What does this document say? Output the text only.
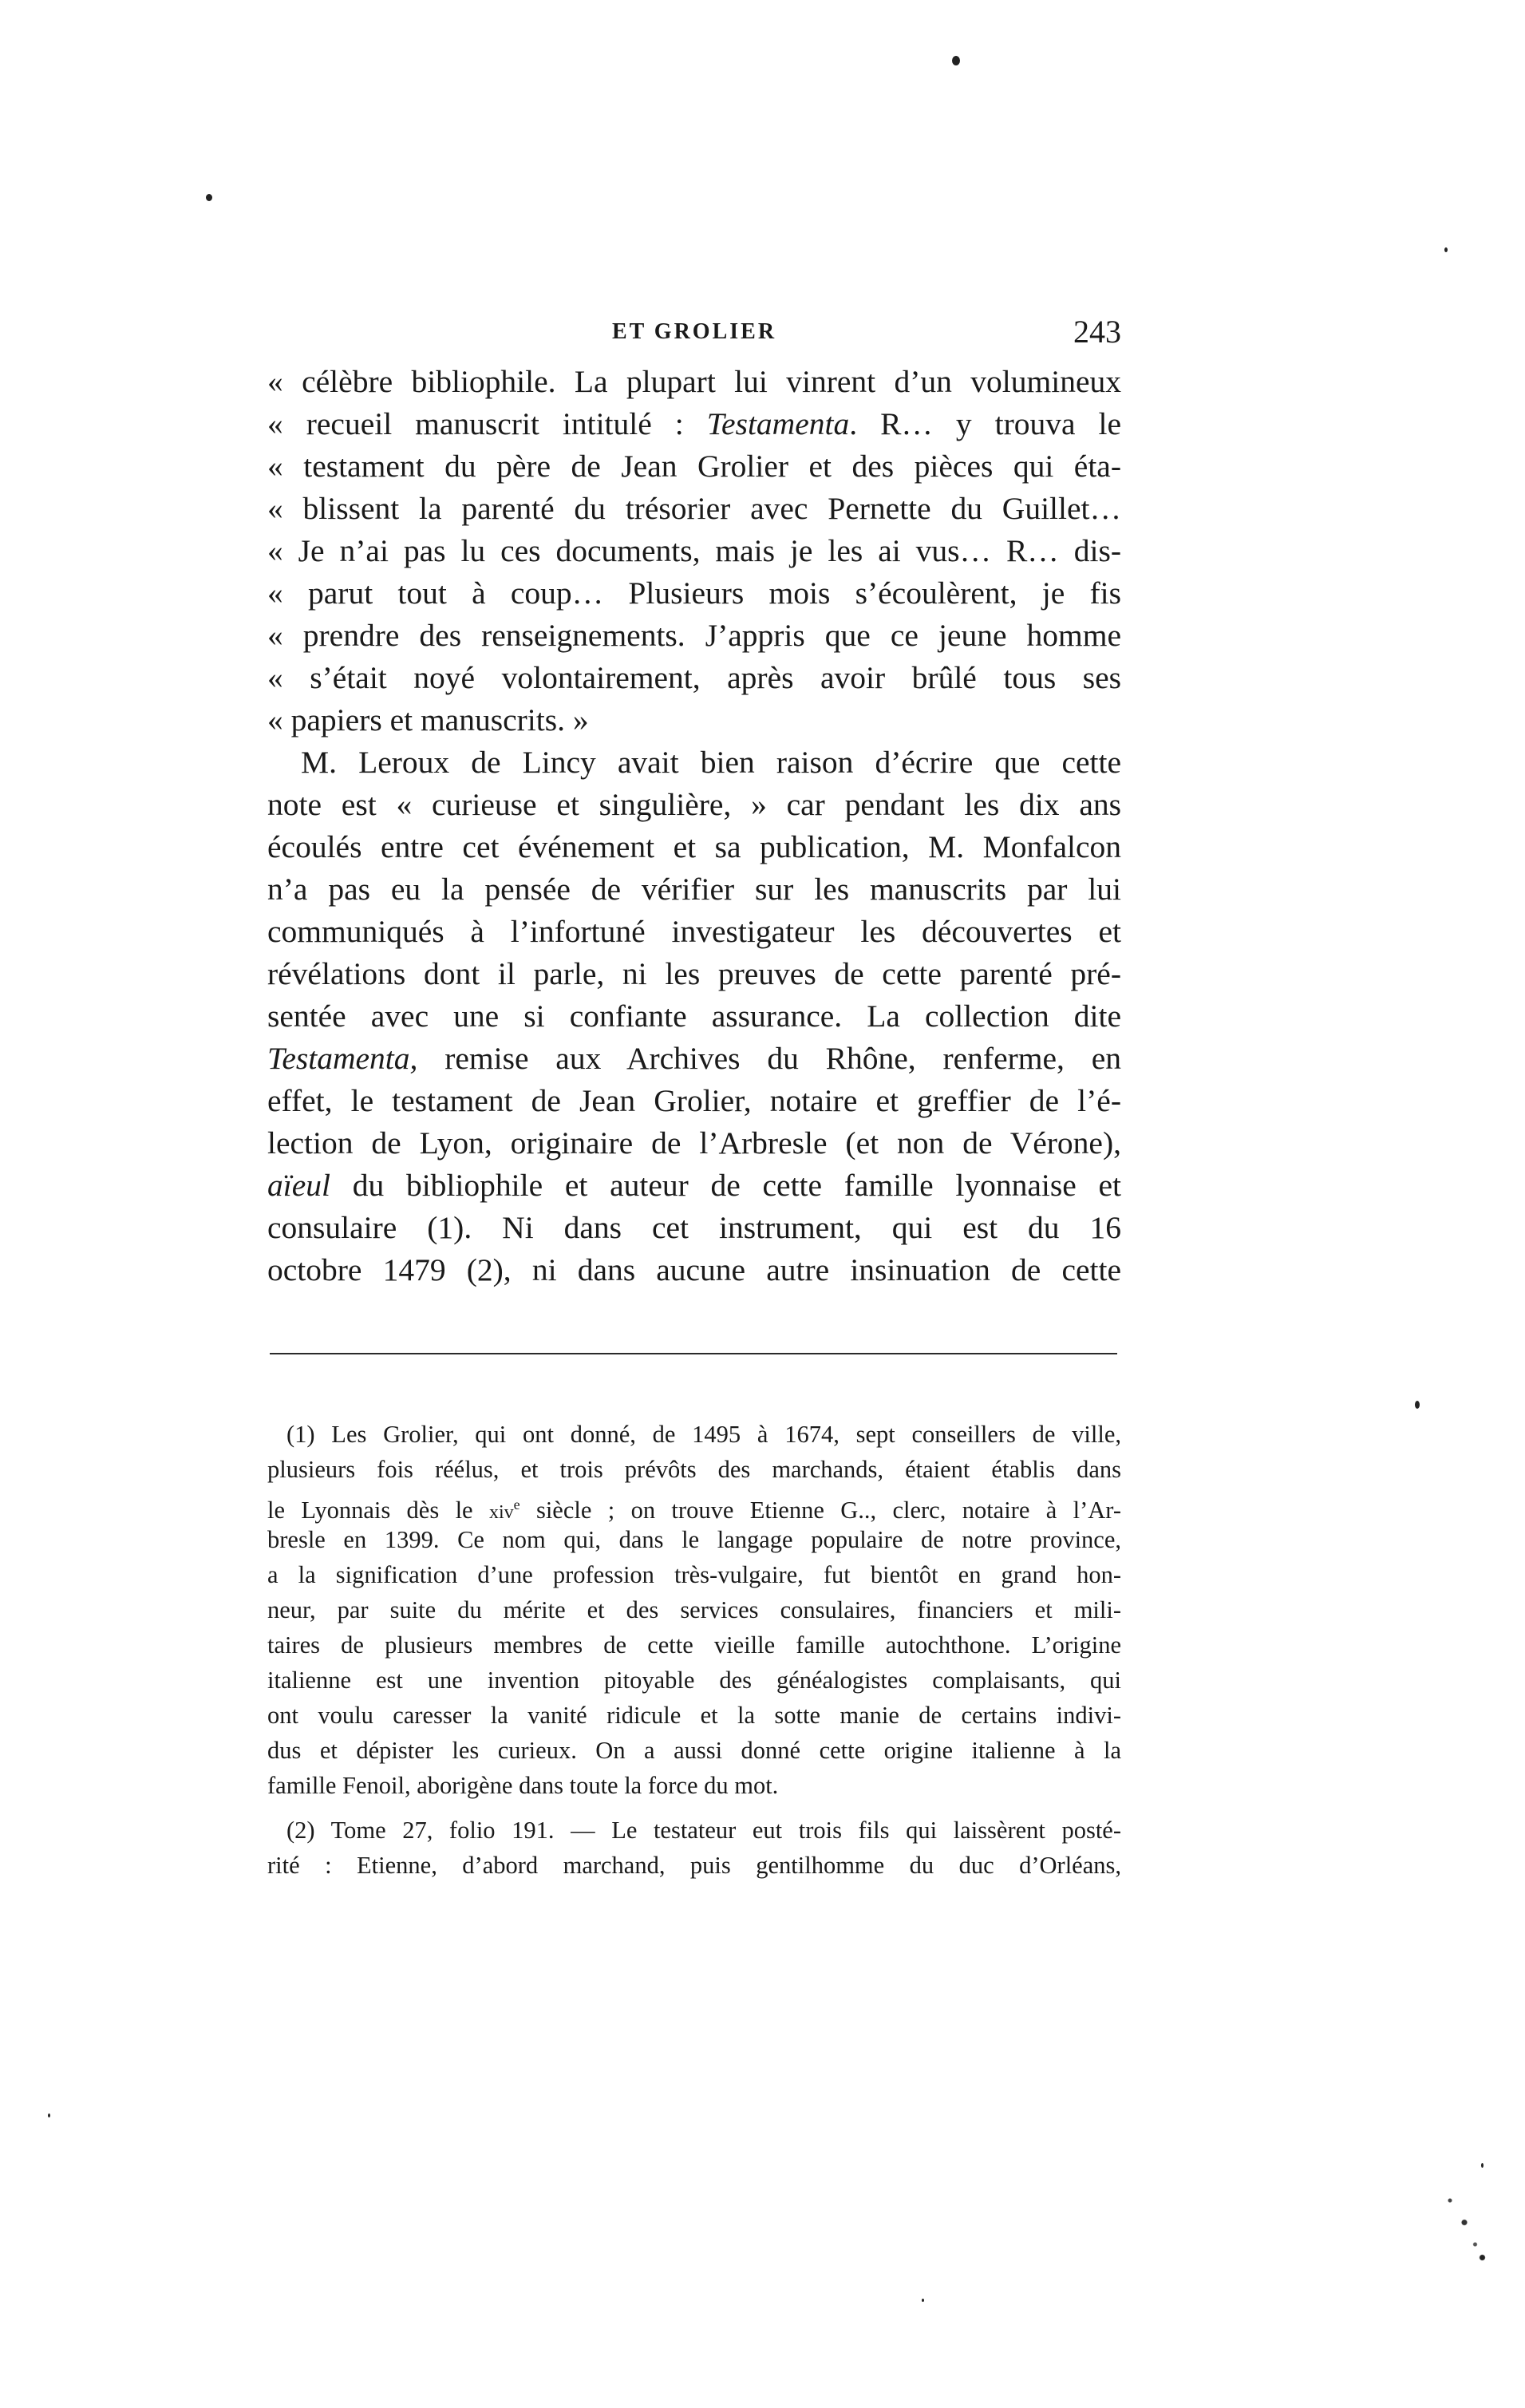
ET GROLIER	243
« célèbre bibliophile. La plupart lui vinrent d’un volumineux
« recueil manuscrit intitulé : Testamenta. R… y trouva le
« testament du père de Jean Grolier et des pièces qui éta-
« blissent la parenté du trésorier avec Pernette du Guillet…
« Je n’ai pas lu ces documents, mais je les ai vus… R… dis-
« parut tout à coup… Plusieurs mois s’écoulèrent, je fis
« prendre des renseignements. J’appris que ce jeune homme
« s’était noyé volontairement, après avoir brûlé tous ses
« papiers et manuscrits. »
M. Leroux de Lincy avait bien raison d’écrire que cette
note est « curieuse et singulière, » car pendant les dix ans
écoulés entre cet événement et sa publication, M. Monfalcon
n’a pas eu la pensée de vérifier sur les manuscrits par lui
communiqués à l’infortuné investigateur les découvertes et
révélations dont il parle, ni les preuves de cette parenté pré-
sentée avec une si confiante assurance. La collection dite
Testamenta, remise aux Archives du Rhône, renferme, en
effet, le testament de Jean Grolier, notaire et greffier de l’é-
lection de Lyon, originaire de l’Arbresle (et non de Vérone),
aïeul du bibliophile et auteur de cette famille lyonnaise et
consulaire (1). Ni dans cet instrument, qui est du 16
octobre 1479 (2), ni dans aucune autre insinuation de cette
(1) Les Grolier, qui ont donné, de 1495 à 1674, sept conseillers de ville,
plusieurs fois réélus, et trois prévôts des marchands, étaient établis dans
le Lyonnais dès le xiv$^e$ siècle ; on trouve Etienne G.., clerc, notaire à l’Ar-
bresle en 1399. Ce nom qui, dans le langage populaire de notre province,
a la signification d’une profession très-vulgaire, fut bientôt en grand hon-
neur, par suite du mérite et des services consulaires, financiers et mili-
taires de plusieurs membres de cette vieille famille autochthone. L’origine
italienne est une invention pitoyable des généalogistes complaisants, qui
ont voulu caresser la vanité ridicule et la sotte manie de certains indivi-
dus et dépister les curieux. On a aussi donné cette origine italienne à la
famille Fenoil, aborigène dans toute la force du mot.
(2) Tome 27, folio 191. — Le testateur eut trois fils qui laissèrent posté-
rité : Etienne, d’abord marchand, puis gentilhomme du duc d’Orléans,
